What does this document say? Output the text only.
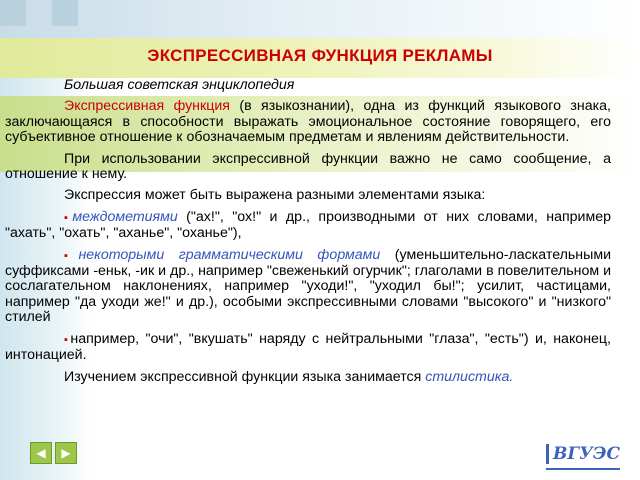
ЭКСПРЕССИВНАЯ ФУНКЦИЯ РЕКЛАМЫ

Большая советская энциклопедия

Экспрессивная функция (в языкознании), одна из функций языкового знака, заключающаяся в способности выражать эмоциональное состояние говорящего, его субъективное отношение к обозначаемым предметам и явлениям действительности.

При использовании экспрессивной функции важно не само сообщение, а отношение к нему.

Экспрессия может быть выражена разными элементами языка:

▪ междометиями ("ах!", "ох!" и др., производными от них словами, например "ахать", "охать", "аханье", "оханье"),

▪ некоторыми грамматическими формами (уменьшительно-ласкательными суффиксами -еньк, -ик и др., например "свеженький огурчик"; глаголами в повелительном и сослагательном наклонениях, например "уходи!", "уходил бы!"; усилит, частицами, например "да уходи же!" и др.), особыми экспрессивными словами "высокого" и "низкого" стилей

▪ например, "очи", "вкушать" наряду с нейтральными "глаза", "есть") и, наконец, интонацией.

Изучением экспрессивной функции языка занимается стилистика.

◀ ▶	ВГУЭС
